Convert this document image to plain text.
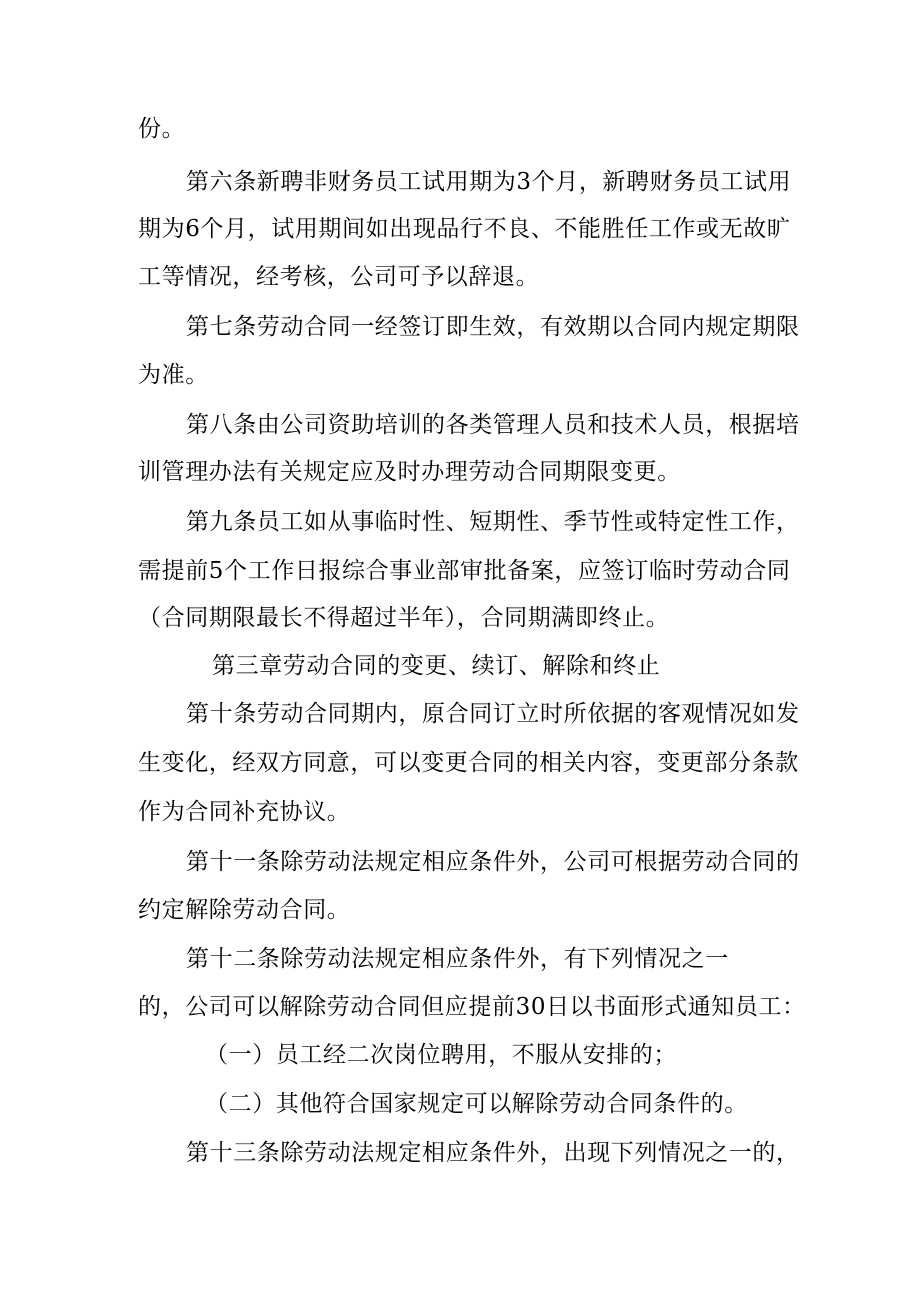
份。
第六条新聘非财务员工试用期为3个月，新聘财务员工试用
期为6个月，试用期间如出现品行不良、不能胜任工作或无故旷
工等情况，经考核，公司可予以辞退。
第七条劳动合同一经签订即生效，有效期以合同内规定期限
为准。
第八条由公司资助培训的各类管理人员和技术人员，根据培
训管理办法有关规定应及时办理劳动合同期限变更。
第九条员工如从事临时性、短期性、季节性或特定性工作，
需提前5个工作日报综合事业部审批备案，应签订临时劳动合同
（合同期限最长不得超过半年），合同期满即终止。
第三章劳动合同的变更、续订、解除和终止
第十条劳动合同期内，原合同订立时所依据的客观情况如发
生变化，经双方同意，可以变更合同的相关内容，变更部分条款
作为合同补充协议。
第十一条除劳动法规定相应条件外，公司可根据劳动合同的
约定解除劳动合同。
第十二条除劳动法规定相应条件外，有下列情况之一
的，公司可以解除劳动合同但应提前30日以书面形式通知员工：
（一）员工经二次岗位聘用，不服从安排的；
（二）其他符合国家规定可以解除劳动合同条件的。
第十三条除劳动法规定相应条件外，出现下列情况之一的，
